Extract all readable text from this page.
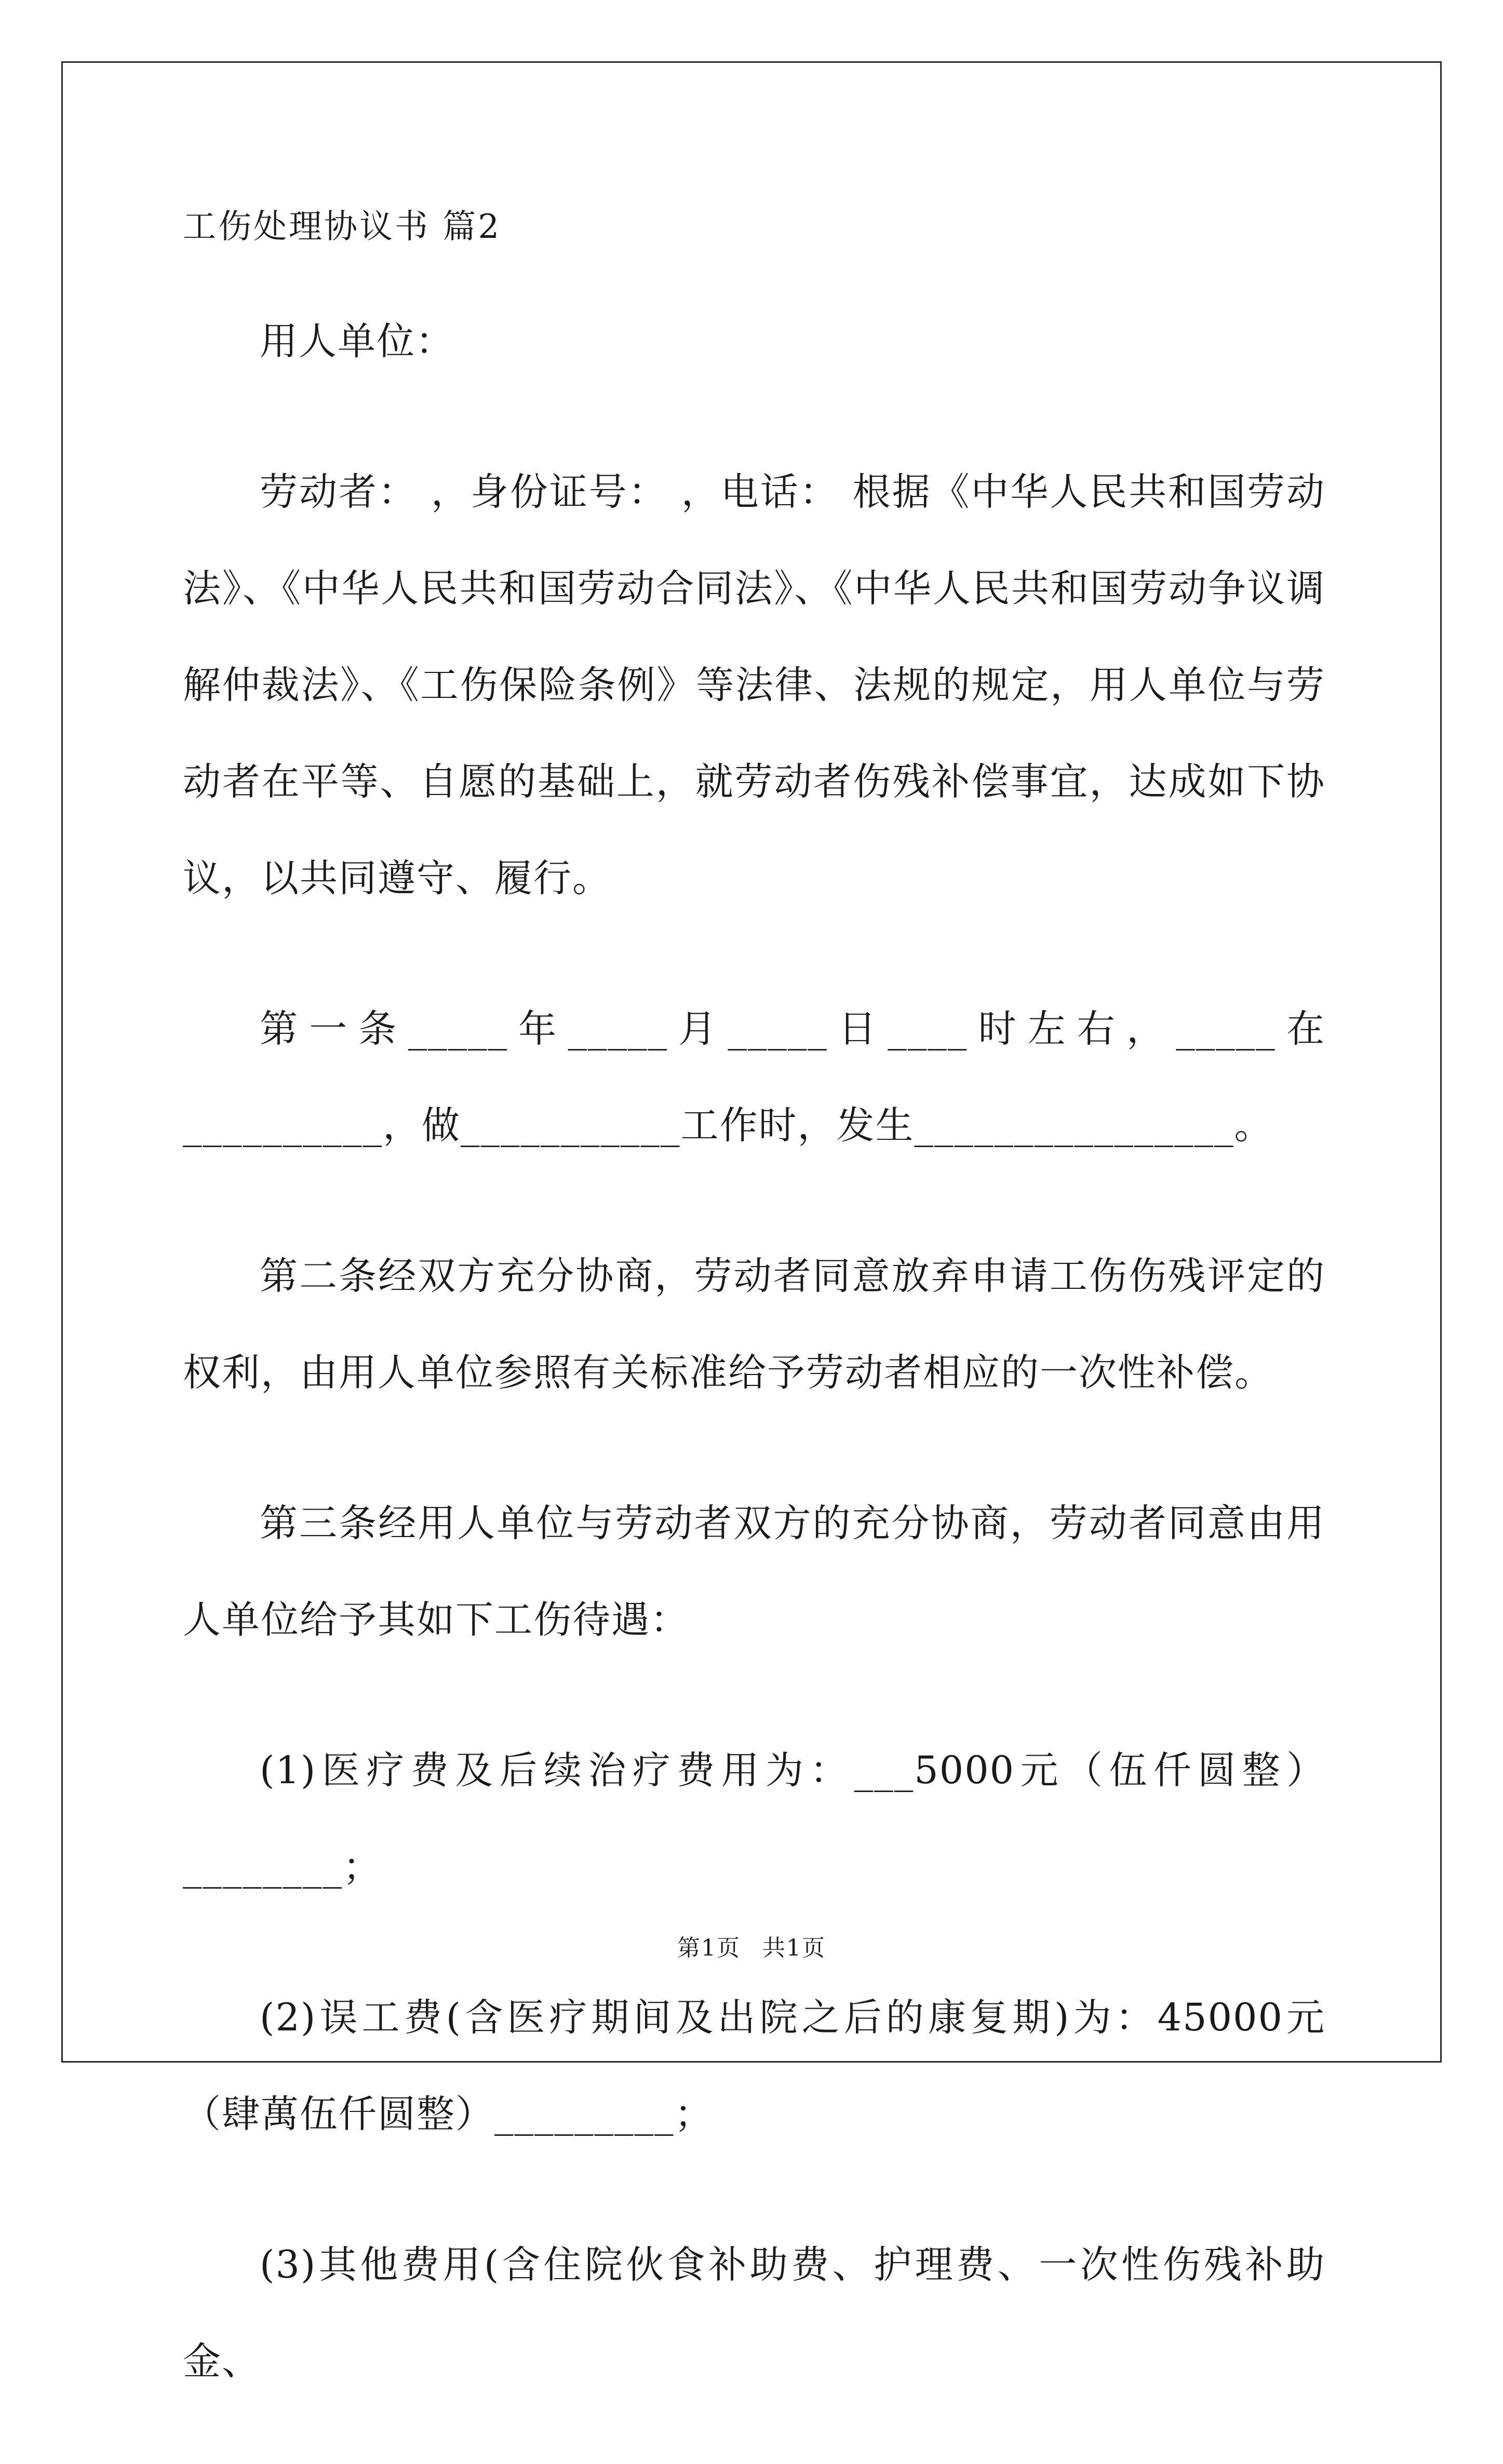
工伤处理协议书 篇2

用人单位：

劳动者： ，身份证号： ，电话： 根据《中华人民共和国劳动法》、《中华人民共和国劳动合同法》、《中华人民共和国劳动争议调解仲裁法》、《工伤保险条例》等法律、法规的规定，用人单位与劳动者在平等、自愿的基础上，就劳动者伤残补偿事宜，达成如下协议，以共同遵守、履行。

第一条_____年_____月_____日____时左右，_____在__________，做___________工作时，发生________________。

第二条经双方充分协商，劳动者同意放弃申请工伤伤残评定的权利，由用人单位参照有关标准给予劳动者相应的一次性补偿。

第三条经用人单位与劳动者双方的充分协商，劳动者同意由用人单位给予其如下工伤待遇：

(1)医疗费及后续治疗费用为：___5000元（伍仟圆整）________；

(2)误工费(含医疗期间及出院之后的康复期)为：45000元（肆萬伍仟圆整）_________；

(3)其他费用(含住院伙食补助费、护理费、一次性伤残补助金、

第1页 共1页
